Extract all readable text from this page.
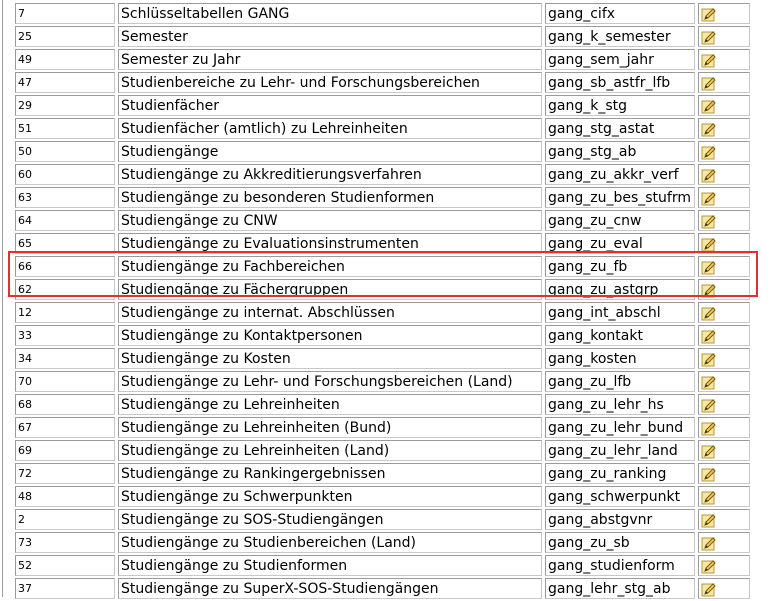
7	Schlüsseltabellen GANG	gang_cifx	
25	Semester	gang_k_semester	
49	Semester zu Jahr	gang_sem_jahr	
47	Studienbereiche zu Lehr- und Forschungsbereichen	gang_sb_astfr_lfb	
29	Studienfächer	gang_k_stg	
51	Studienfächer (amtlich) zu Lehreinheiten	gang_stg_astat	
50	Studiengänge	gang_stg_ab	
60	Studiengänge zu Akkreditierungsverfahren	gang_zu_akkr_verf	
63	Studiengänge zu besonderen Studienformen	gang_zu_bes_stufrm	
64	Studiengänge zu CNW	gang_zu_cnw	
65	Studiengänge zu Evaluationsinstrumenten	gang_zu_eval	
66	Studiengänge zu Fachbereichen	gang_zu_fb	
62	Studiengänge zu Fächergruppen	gang_zu_astgrp	
12	Studiengänge zu internat. Abschlüssen	gang_int_abschl	
33	Studiengänge zu Kontaktpersonen	gang_kontakt	
34	Studiengänge zu Kosten	gang_kosten	
70	Studiengänge zu Lehr- und Forschungsbereichen (Land)	gang_zu_lfb	
68	Studiengänge zu Lehreinheiten	gang_zu_lehr_hs	
67	Studiengänge zu Lehreinheiten (Bund)	gang_zu_lehr_bund	
69	Studiengänge zu Lehreinheiten (Land)	gang_zu_lehr_land	
72	Studiengänge zu Rankingergebnissen	gang_zu_ranking	
48	Studiengänge zu Schwerpunkten	gang_schwerpunkt	
2	Studiengänge zu SOS-Studiengängen	gang_abstgvnr	
73	Studiengänge zu Studienbereichen (Land)	gang_zu_sb	
52	Studiengänge zu Studienformen	gang_studienform	
37	Studiengänge zu SuperX-SOS-Studiengängen	gang_lehr_stg_ab	
